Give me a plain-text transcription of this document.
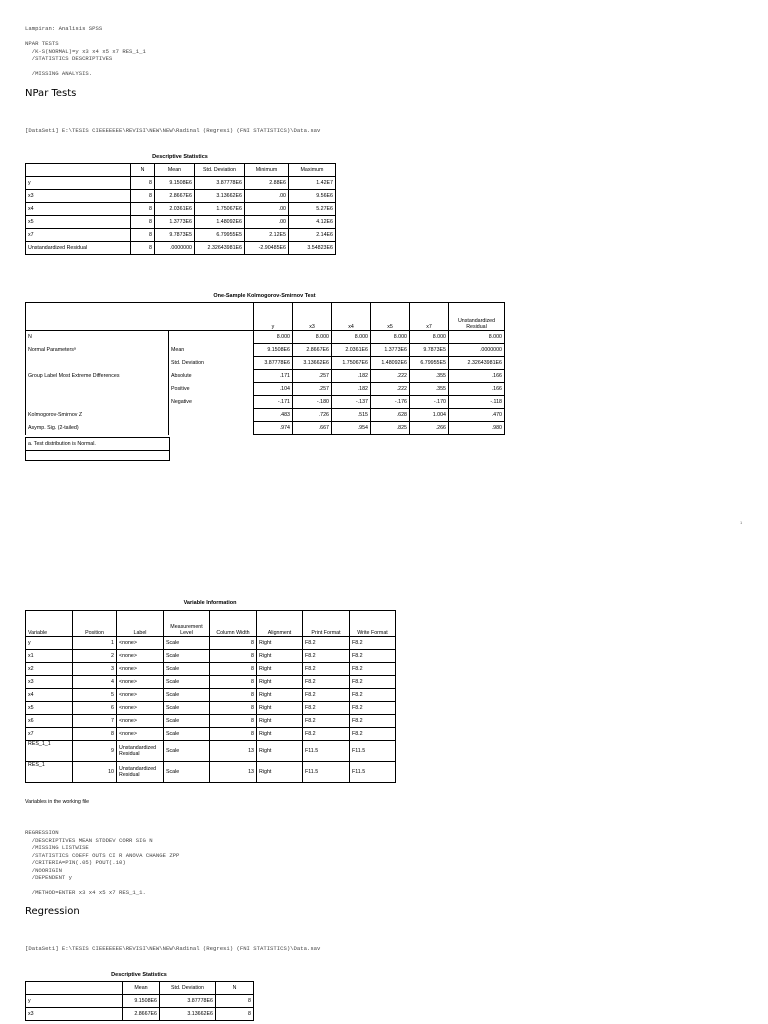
Lampiran: Analisis SPSS

NPAR TESTS
/K-S(NORMAL)=y x3 x4 x5 x7 RES_1_1
/STATISTICS DESCRIPTIVES

/MISSING ANALYSIS.
NPar Tests
[DataSet1] E:\TESIS CIEEEEEEE\REVISI\NEW\NEW\Radinal (Regresi) (FNI STATISTICS)\Data.sav
Descriptive Statistics
	N	Mean	Std. Deviation	Minimum	Maximum
y	8	9.1508E6	3.87778E6	2.88E6	1.42E7
x3	8	2.8667E6	3.13662E6	.00	9.56E6
x4	8	2.0361E6	1.75067E6	.00	5.27E6
x5	8	1.3773E6	1.48092E6	.00	4.12E6
x7	8	9.7873E5	6.79955E5	2.12E5	2.14E6
Unstandardized Residual	8	.0000000	2.32643981E6	-2.90485E6	3.54823E6
One-Sample Kolmogorov-Smirnov Test
		y	x3	x4	x5	x7	Unstandardized Residual
N		8.000	8.000	8.000	8.000	8.000	8.000
Normal Parametersᵃ	Mean	9.1508E6	2.8667E6	2.0361E6	1.3773E6	9.7873E5	.0000000
	Std. Deviation	3.87778E6	3.13662E6	1.75067E6	1.48092E6	6.79955E5	2.32643981E6
Group Label Most Extreme Differences	Absolute	.171	.257	.182	.222	.355	.166
	Positive	.104	.257	.182	.222	.355	.166
	Negative	-.171	-.180	-.137	-.176	-.170	-.118
Kolmogorov-Smirnov Z		.483	.726	.515	.628	1.004	.470
Asymp. Sig. (2-tailed)		.974	.667	.954	.825	.266	.980
a. Test distribution is Normal.

1
Variable Information
Variable	Position	Label	Measurement Level	Column Width	Alignment	Print Format	Write Format
y	1	<none>	Scale	8	Right	F8.2	F8.2
x1	2	<none>	Scale	8	Right	F8.2	F8.2
x2	3	<none>	Scale	8	Right	F8.2	F8.2
x3	4	<none>	Scale	8	Right	F8.2	F8.2
x4	5	<none>	Scale	8	Right	F8.2	F8.2
x5	6	<none>	Scale	8	Right	F8.2	F8.2
x6	7	<none>	Scale	8	Right	F8.2	F8.2
x7	8	<none>	Scale	8	Right	F8.2	F8.2
RES_1_1	9	Unstandardized Residual	Scale	13	Right	F11.5	F11.5
RES_1	10	Unstandardized Residual	Scale	13	Right	F11.5	F11.5
Variables in the working file
REGRESSION
/DESCRIPTIVES MEAN STDDEV CORR SIG N
/MISSING LISTWISE
/STATISTICS COEFF OUTS CI R ANOVA CHANGE ZPP
/CRITERIA=PIN(.05) POUT(.10)
/NOORIGIN
/DEPENDENT y

/METHOD=ENTER x3 x4 x5 x7 RES_1_1.
Regression
[DataSet1] E:\TESIS CIEEEEEEE\REVISI\NEW\NEW\Radinal (Regresi) (FNI STATISTICS)\Data.sav
Descriptive Statistics
	Mean	Std. Deviation	N
y	9.1508E6	3.87778E6	8
x3	2.8667E6	3.13662E6	8
